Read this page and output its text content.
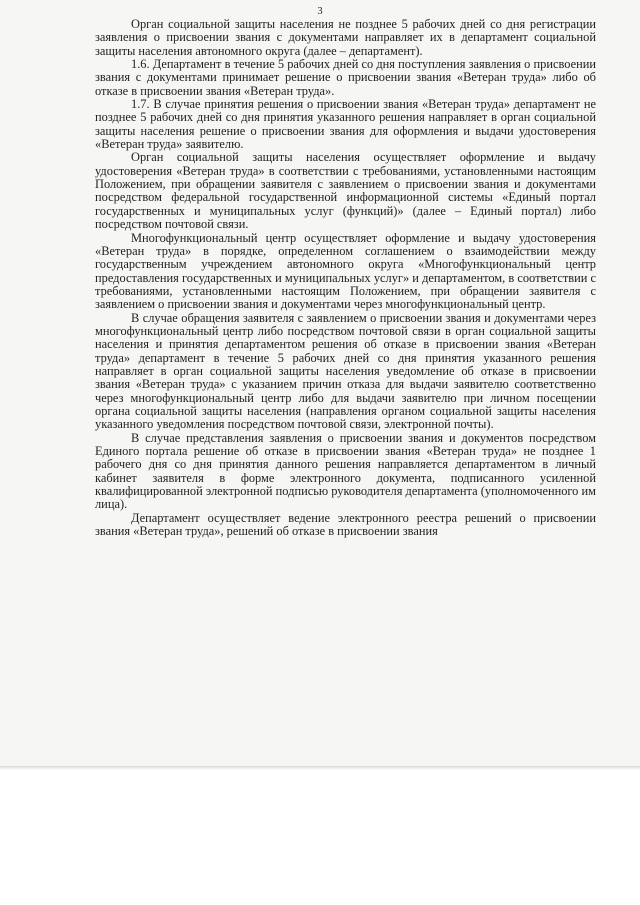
3

Орган социальной защиты населения не позднее 5 рабочих дней со дня регистрации заявления о присвоении звания с документами направляет их в департамент социальной защиты населения автономного округа (далее – департамент).

1.6. Департамент в течение 5 рабочих дней со дня поступления заявления о присвоении звания с документами принимает решение о присвоении звания «Ветеран труда» либо об отказе в присвоении звания «Ветеран труда».

1.7. В случае принятия решения о присвоении звания «Ветеран труда» департамент не позднее 5 рабочих дней со дня принятия указанного решения направляет в орган социальной защиты населения решение о присвоении звания для оформления и выдачи удостоверения «Ветеран труда» заявителю.

Орган социальной защиты населения осуществляет оформление и выдачу удостоверения «Ветеран труда» в соответствии с требованиями, установленными настоящим Положением, при обращении заявителя с заявлением о присвоении звания и документами посредством федеральной государственной информационной системы «Единый портал государственных и муниципальных услуг (функций)» (далее – Единый портал) либо посредством почтовой связи.

Многофункциональный центр осуществляет оформление и выдачу удостоверения «Ветеран труда» в порядке, определенном соглашением о взаимодействии между государственным учреждением автономного округа «Многофункциональный центр предоставления государственных и муниципальных услуг» и департаментом, в соответствии с требованиями, установленными настоящим Положением, при обращении заявителя с заявлением о присвоении звания и документами через многофункциональный центр.

В случае обращения заявителя с заявлением о присвоении звания и документами через многофункциональный центр либо посредством почтовой связи в орган социальной защиты населения и принятия департаментом решения об отказе в присвоении звания «Ветеран труда» департамент в течение 5 рабочих дней со дня принятия указанного решения направляет в орган социальной защиты населения уведомление об отказе в присвоении звания «Ветеран труда» с указанием причин отказа для выдачи заявителю соответственно через многофункциональный центр либо для выдачи заявителю при личном посещении органа социальной защиты населения (направления органом социальной защиты населения указанного уведомления посредством почтовой связи, электронной почты).

В случае представления заявления о присвоении звания и документов посредством Единого портала решение об отказе в присвоении звания «Ветеран труда» не позднее 1 рабочего дня со дня принятия данного решения направляется департаментом в личный кабинет заявителя в форме электронного документа, подписанного усиленной квалифицированной электронной подписью руководителя департамента (уполномоченного им лица).

Департамент осуществляет ведение электронного реестра решений о присвоении звания «Ветеран труда», решений об отказе в присвоении звания
